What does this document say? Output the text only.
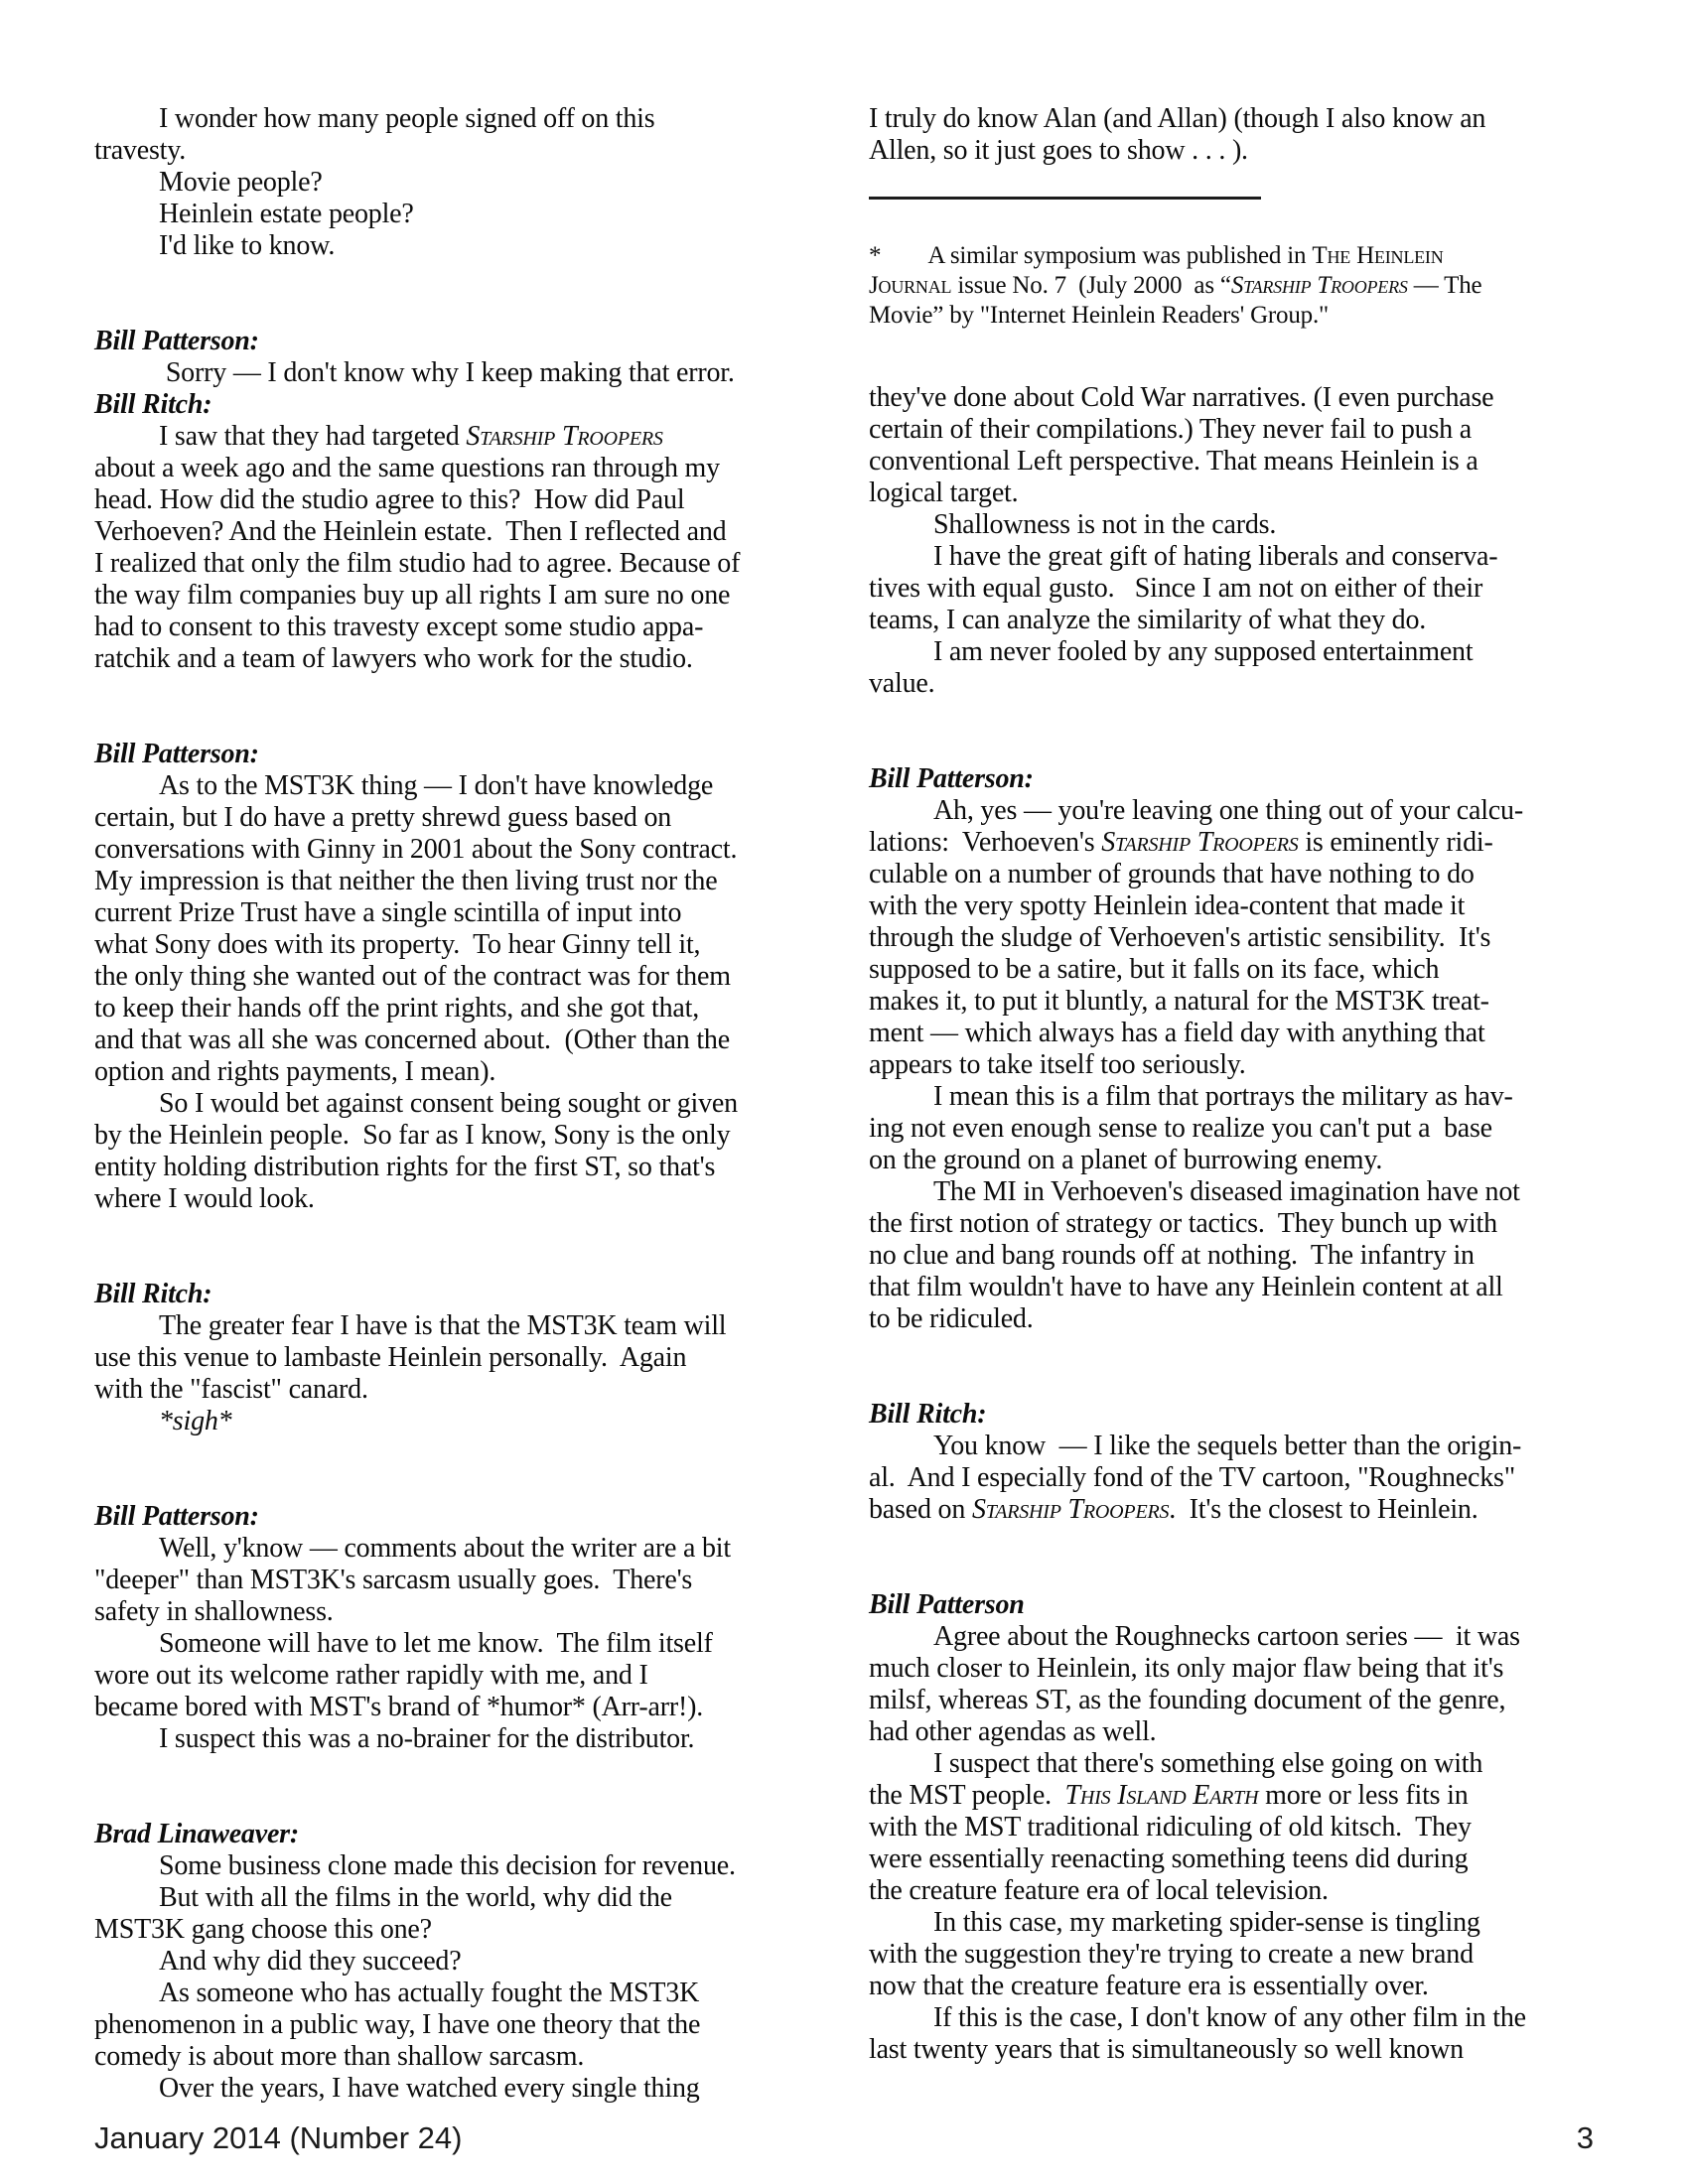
I wonder how many people signed off on this
travesty.
Movie people?
Heinlein estate people?
I'd like to know.
Bill Patterson:
Sorry — I don't know why I keep making that error.
Bill Ritch:
I saw that they had targeted Starship Troopers
about a week ago and the same questions ran through my
head. How did the studio agree to this?  How did Paul
Verhoeven? And the Heinlein estate.  Then I reflected and
I realized that only the film studio had to agree. Because of
the way film companies buy up all rights I am sure no one
had to consent to this travesty except some studio appa-
ratchik and a team of lawyers who work for the studio.
Bill Patterson:
As to the MST3K thing — I don't have knowledge
certain, but I do have a pretty shrewd guess based on
conversations with Ginny in 2001 about the Sony contract.
My impression is that neither the then living trust nor the
current Prize Trust have a single scintilla of input into
what Sony does with its property.  To hear Ginny tell it,
the only thing she wanted out of the contract was for them
to keep their hands off the print rights, and she got that,
and that was all she was concerned about.  (Other than the
option and rights payments, I mean).
So I would bet against consent being sought or given
by the Heinlein people.  So far as I know, Sony is the only
entity holding distribution rights for the first ST, so that's
where I would look.
Bill Ritch:
The greater fear I have is that the MST3K team will
use this venue to lambaste Heinlein personally.  Again
with the "fascist" canard.
*sigh*
Bill Patterson:
Well, y'know — comments about the writer are a bit
"deeper" than MST3K's sarcasm usually goes.  There's
safety in shallowness.
Someone will have to let me know.  The film itself
wore out its welcome rather rapidly with me, and I
became bored with MST's brand of *humor* (Arr-arr!).
I suspect this was a no-brainer for the distributor.
Brad Linaweaver:
Some business clone made this decision for revenue.
But with all the films in the world, why did the
MST3K gang choose this one?
And why did they succeed?
As someone who has actually fought the MST3K
phenomenon in a public way, I have one theory that the
comedy is about more than shallow sarcasm.
Over the years, I have watched every single thing
I truly do know Alan (and Allan) (though I also know an
Allen, so it just goes to show . . . ).
*        A similar symposium was published in The Heinlein
Journal issue No. 7  (July 2000  as “Starship Troopers — The
Movie” by "Internet Heinlein Readers' Group."
they've done about Cold War narratives. (I even purchase
certain of their compilations.) They never fail to push a
conventional Left perspective. That means Heinlein is a
logical target.
Shallowness is not in the cards.
I have the great gift of hating liberals and conserva-
tives with equal gusto.   Since I am not on either of their
teams, I can analyze the similarity of what they do.
I am never fooled by any supposed entertainment
value.
Bill Patterson:
Ah, yes — you're leaving one thing out of your calcu-
lations:  Verhoeven's Starship Troopers is eminently ridi-
culable on a number of grounds that have nothing to do
with the very spotty Heinlein idea-content that made it
through the sludge of Verhoeven's artistic sensibility.  It's
supposed to be a satire, but it falls on its face, which
makes it, to put it bluntly, a natural for the MST3K treat-
ment — which always has a field day with anything that
appears to take itself too seriously.
I mean this is a film that portrays the military as hav-
ing not even enough sense to realize you can't put a  base
on the ground on a planet of burrowing enemy.
The MI in Verhoeven's diseased imagination have not
the first notion of strategy or tactics.  They bunch up with
no clue and bang rounds off at nothing.  The infantry in
that film wouldn't have to have any Heinlein content at all
to be ridiculed.
Bill Ritch:
You know  — I like the sequels better than the origin-
al.  And I especially fond of the TV cartoon, "Roughnecks"
based on Starship Troopers.  It's the closest to Heinlein.
Bill Patterson
Agree about the Roughnecks cartoon series —  it was
much closer to Heinlein, its only major flaw being that it's
milsf, whereas ST, as the founding document of the genre,
had other agendas as well.
I suspect that there's something else going on with
the MST people.  This Island Earth more or less fits in
with the MST traditional ridiculing of old kitsch.  They
were essentially reenacting something teens did during
the creature feature era of local television.
In this case, my marketing spider-sense is tingling
with the suggestion they're trying to create a new brand
now that the creature feature era is essentially over.
If this is the case, I don't know of any other film in the
last twenty years that is simultaneously so well known
January 2014 (Number 24)	3
